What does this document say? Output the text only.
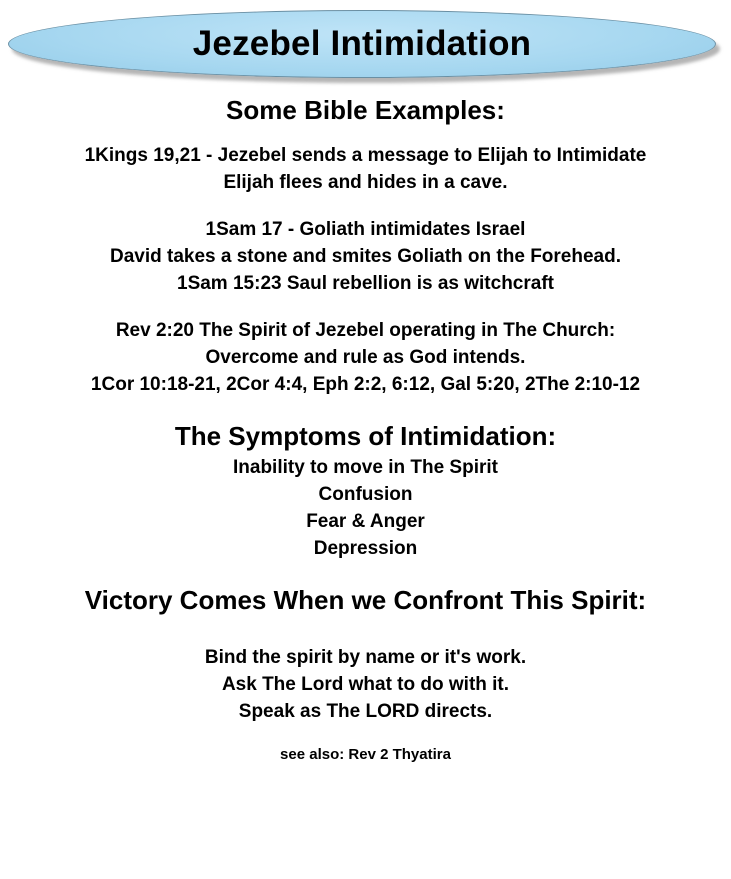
Jezebel Intimidation

Some Bible Examples:

1Kings 19,21 - Jezebel sends a message to Elijah to Intimidate

Elijah flees and hides in a cave.

1Sam 17 - Goliath intimidates Israel

David takes a stone and smites Goliath on the Forehead.

1Sam 15:23 Saul rebellion is as witchcraft

Rev 2:20 The Spirit of Jezebel operating in The Church:

Overcome and rule as God intends.

1Cor 10:18-21, 2Cor 4:4, Eph 2:2, 6:12, Gal 5:20, 2The 2:10-12

The Symptoms of Intimidation:

Inability to move in The Spirit

Confusion

Fear & Anger

Depression

Victory Comes When we Confront This Spirit:

Bind the spirit by name or it's work.

Ask The Lord what to do with it.

Speak as The LORD directs.

see also: Rev 2 Thyatira
